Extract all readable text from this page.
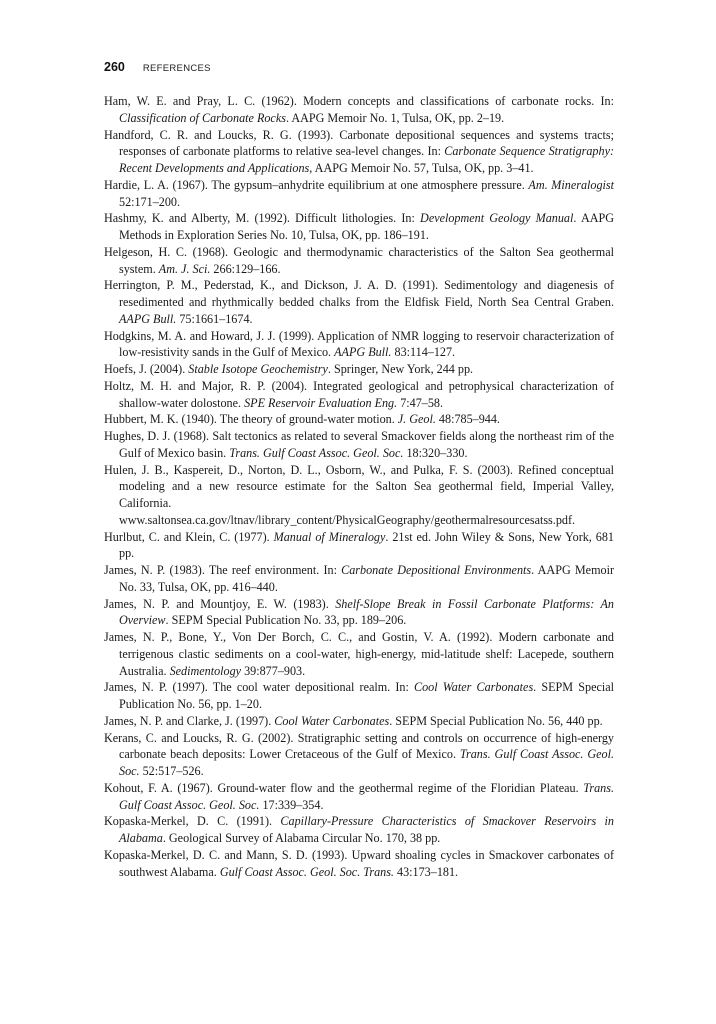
260 REFERENCES

Ham, W. E. and Pray, L. C. (1962). Modern concepts and classifications of carbonate rocks. In: Classification of Carbonate Rocks. AAPG Memoir No. 1, Tulsa, OK, pp. 2–19.

Handford, C. R. and Loucks, R. G. (1993). Carbonate depositional sequences and systems tracts; responses of carbonate platforms to relative sea-level changes. In: Carbonate Sequence Stratigraphy: Recent Developments and Applications, AAPG Memoir No. 57, Tulsa, OK, pp. 3–41.

Hardie, L. A. (1967). The gypsum–anhydrite equilibrium at one atmosphere pressure. Am. Mineralogist 52:171–200.

Hashmy, K. and Alberty, M. (1992). Difficult lithologies. In: Development Geology Manual. AAPG Methods in Exploration Series No. 10, Tulsa, OK, pp. 186–191.

Helgeson, H. C. (1968). Geologic and thermodynamic characteristics of the Salton Sea geothermal system. Am. J. Sci. 266:129–166.

Herrington, P. M., Pederstad, K., and Dickson, J. A. D. (1991). Sedimentology and diagenesis of resedimented and rhythmically bedded chalks from the Eldfisk Field, North Sea Central Graben. AAPG Bull. 75:1661–1674.

Hodgkins, M. A. and Howard, J. J. (1999). Application of NMR logging to reservoir characterization of low-resistivity sands in the Gulf of Mexico. AAPG Bull. 83:114–127.

Hoefs, J. (2004). Stable Isotope Geochemistry. Springer, New York, 244 pp.

Holtz, M. H. and Major, R. P. (2004). Integrated geological and petrophysical characterization of shallow-water dolostone. SPE Reservoir Evaluation Eng. 7:47–58.

Hubbert, M. K. (1940). The theory of ground-water motion. J. Geol. 48:785–944.

Hughes, D. J. (1968). Salt tectonics as related to several Smackover fields along the northeast rim of the Gulf of Mexico basin. Trans. Gulf Coast Assoc. Geol. Soc. 18:320–330.

Hulen, J. B., Kaspereit, D., Norton, D. L., Osborn, W., and Pulka, F. S. (2003). Refined conceptual modeling and a new resource estimate for the Salton Sea geothermal field, Imperial Valley, California. www.saltonsea.ca.gov/ltnav/library_content/PhysicalGeography/geothermalresourcesatss.pdf.

Hurlbut, C. and Klein, C. (1977). Manual of Mineralogy. 21st ed. John Wiley & Sons, New York, 681 pp.

James, N. P. (1983). The reef environment. In: Carbonate Depositional Environments. AAPG Memoir No. 33, Tulsa, OK, pp. 416–440.

James, N. P. and Mountjoy, E. W. (1983). Shelf-Slope Break in Fossil Carbonate Platforms: An Overview. SEPM Special Publication No. 33, pp. 189–206.

James, N. P., Bone, Y., Von Der Borch, C. C., and Gostin, V. A. (1992). Modern carbonate and terrigenous clastic sediments on a cool-water, high-energy, mid-latitude shelf: Lacepede, southern Australia. Sedimentology 39:877–903.

James, N. P. (1997). The cool water depositional realm. In: Cool Water Carbonates. SEPM Special Publication No. 56, pp. 1–20.

James, N. P. and Clarke, J. (1997). Cool Water Carbonates. SEPM Special Publication No. 56, 440 pp.

Kerans, C. and Loucks, R. G. (2002). Stratigraphic setting and controls on occurrence of high-energy carbonate beach deposits: Lower Cretaceous of the Gulf of Mexico. Trans. Gulf Coast Assoc. Geol. Soc. 52:517–526.

Kohout, F. A. (1967). Ground-water flow and the geothermal regime of the Floridian Plateau. Trans. Gulf Coast Assoc. Geol. Soc. 17:339–354.

Kopaska-Merkel, D. C. (1991). Capillary-Pressure Characteristics of Smackover Reservoirs in Alabama. Geological Survey of Alabama Circular No. 170, 38 pp.

Kopaska-Merkel, D. C. and Mann, S. D. (1993). Upward shoaling cycles in Smackover carbonates of southwest Alabama. Gulf Coast Assoc. Geol. Soc. Trans. 43:173–181.
